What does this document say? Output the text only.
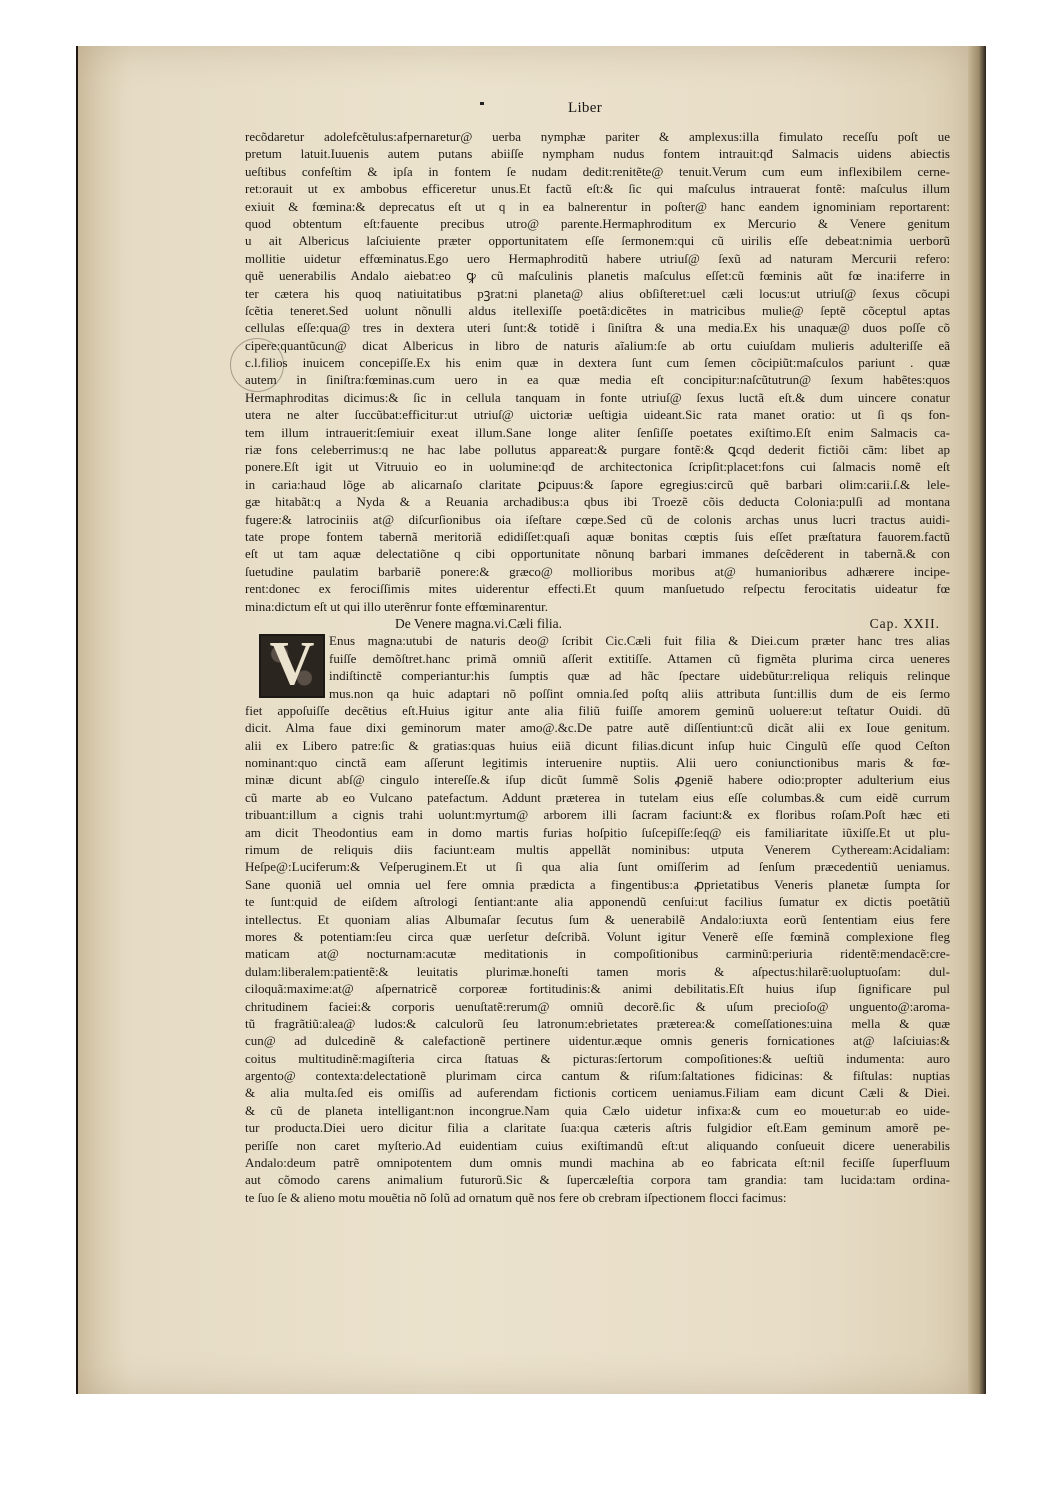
Liber
recõdaretur adolefcẽtulus:afpernaretur@ uerba nymphæ pariter & amplexus:illa fimulato receſſu poſt ue
pretum latuit.Iuuenis autem putans abiiſſe nympham nudus fontem intrauit:qđ Salmacis uidens abiectis
ueſtibus confeſtim & ipſa in fontem ſe nudam dedit:renitẽte@ tenuit.Verum cum eum inflexibilem cerne-
ret:orauit ut ex ambobus efficeretur unus.Et factũ eſt:& ſic qui maſculus intrauerat fontẽ: maſculus illum
exiuit & fœmina:& deprecatus eſt ut q in ea balnerentur in poſter@ hanc eandem ignominiam reportarent:
quod obtentum eſt:fauente precibus utro@ parente.Hermaphroditum ex Mercurio & Venere genitum
u ait Albericus laſciuiente præter opportunitatem eſſe ſermonem:qui cũ uirilis eſſe debeat:nimia uerborũ
mollitie uidetur effœminatus.Ego uero Hermaphroditũ habere utriuſ@ ſexũ ad naturam Mercurii refero:
quẽ uenerabilis Andalo aiebat:eo ꝙ cũ maſculinis planetis maſculus eſſet:cũ fœminis aũt fœ ina:iferre in
ter cætera his quoq natiuitatibus pꝫrat:ni planeta@ alius obſiſteret:uel cæli locus:ut utriuſ@ ſexus cõcupi
ſcẽtia teneret.Sed uolunt nõnulli aldus itellexiſſe poetã:dicẽtes in matricibus mulie@ ſeptẽ cõceptul aptas
cellulas eſſe:qua@ tres in dextera uteri ſunt:& totidẽ i ſiniſtra & una media.Ex his unaquæ@ duos poſſe cõ
cipere:quantũcun@ dicat Albericus in libro de naturis aĩalium:ſe ab ortu cuiuſdam mulieris adulteriſſe eã
c.l.filios inuicem concepiſſe.Ex his enim quæ in dextera ſunt cum ſemen cõcipiũt:maſculos pariunt . quæ
autem in ſiniſtra:fœminas.cum uero in ea quæ media eſt concipitur:naſcũtutrun@ ſexum habẽtes:quos
Hermaphroditas dicimus:& ſic in cellula tanquam in fonte utriuſ@ ſexus luctã eſt.& dum uincere conatur
utera ne alter ſuccũbat:efficitur:ut utriuſ@ uictoriæ ueſtigia uideant.Sic rata manet oratio: ut ſi qs fon-
tem illum intrauerit:ſemiuir exeat illum.Sane longe aliter ſenſiſſe poetates exiſtimo.Eſt enim Salmacis ca-
riæ fons celeberrimus:q ne hac labe pollutus appareat:& purgare fontẽ:& ꝗcqd dederit fictiõi cãm: libet ap
ponere.Eſt igit ut Vitruuio eo in uolumine:qđ de architectonica ſcripſit:placet:fons cui ſalmacis nomẽ eſt
in caria:haud lõge ab alicarnaſo claritate ꝑcipuus:& ſapore egregius:circũ quẽ barbari olim:carii.ſ.& lele-
gæ hitabãt:q a Nyda & a Reuania archadibus:a qbus ibi Troezẽ cõis deducta Colonia:pulſi ad montana
fugere:& latrociniis at@ diſcurſionibus oia iſeſtare cœpe.Sed cũ de colonis archas unus lucri tractus auidi-
tate prope fontem tabernã meritoriã edidiſſet:quaſi aquæ bonitas cœptis ſuis eſſet præſtatura fauorem.factũ
eſt ut tam aquæ delectatiõne q cibi opportunitate nõnunq barbari immanes deſcẽderent in tabernã.& con
ſuetudine paulatim barbariẽ ponere:& græco@ mollioribus moribus at@ humanioribus adhærere incipe-
rent:donec ex ferociſſimis mites uiderentur effecti.Et quum manſuetudo reſpectu ferocitatis uideatur fœ
mina:dictum eſt ut qui illo uterẽnrur fonte effœminarentur.
De Venere magna.vi.Cæli filia.	Cap. XXII.
V	Enus magna:utubi de naturis deo@ ſcribit Cic.Cæli fuit filia & Diei.cum præter hanc tres alias
fuiſſe demõſtret.hanc primã omniũ aſſerit extitiſſe. Attamen cũ figmẽta plurima circa ueneres
indiſtinctẽ comperiantur:his ſumptis quæ ad hãc ſpectare uidebũtur:reliqua reliquis relinque
mus.non qa huic adaptari nõ poſſint omnia.ſed poſtq aliis attributa ſunt:illis dum de eis ſermo
fiet appoſuiſſe decẽtius eſt.Huius igitur ante alia filiũ fuiſſe amorem geminũ uoluere:ut teſtatur Ouidi. dũ
dicit. Alma faue dixi geminorum mater amo@.&c.De patre autẽ diſſentiunt:cũ dicãt alii ex Ioue genitum.
alii ex Libero patre:ſic & gratias:quas huius eiiã dicunt filias.dicunt inſup huic Cingulũ eſſe quod Ceſton
nominant:quo cinctã eam aſſerunt legitimis interuenire nuptiis. Alii uero coniunctionibus maris & fœ-
minæ dicunt abſ@ cingulo intereſſe.& iſup dicũt ſummẽ Solis ꝓgeniẽ habere odio:propter adulterium eius
cũ marte ab eo Vulcano patefactum. Addunt præterea in tutelam eius eſſe columbas.& cum eidẽ currum
tribuant:illum a cignis trahi uolunt:myrtum@ arborem illi ſacram faciunt:& ex floribus roſam.Poſt hæc eti
am dicit Theodontius eam in domo martis furias hoſpitio ſuſcepiſſe:ſeq@ eis familiaritate iũxiſſe.Et ut plu-
rimum de reliquis diis faciunt:eam multis appellãt nominibus: utputa Venerem Cytheream:Acidaliam:
Heſpe@:Luciferum:& Veſperuginem.Et ut ſi qua alia ſunt omiſſerim ad ſenſum præcedentiũ ueniamus.
Sane quoniã uel omnia uel fere omnia prædicta a fingentibus:a ꝓprietatibus Veneris planetæ ſumpta ſor
te ſunt:quid de eiſdem aſtrologi ſentiant:ante alia apponendũ cenſui:ut facilius ſumatur ex dictis poetãtiũ
intellectus. Et quoniam alias Albumaſar ſecutus ſum & uenerabilẽ Andalo:iuxta eorũ ſententiam eius fere
mores & potentiam:ſeu circa quæ uerſetur deſcribã. Volunt igitur Venerẽ eſſe fœminã complexione fleg
maticam at@ nocturnam:acutæ meditationis in compoſitionibus carminũ:periuria ridentẽ:mendacẽ:cre-
dulam:liberalem:patientẽ:& leuitatis plurimæ.honeſti tamen moris & aſpectus:hilarẽ:uoluptuoſam: dul-
ciloquã:maxime:at@ aſpernatricẽ corporeæ fortitudinis:& animi debilitatis.Eſt huius iſup ſignificare pul
chritudinem faciei:& corporis uenuſtatẽ:rerum@ omniũ decorẽ.ſic & uſum precioſo@ unguento@:aroma-
tũ fragrãtiũ:alea@ ludos:& calculorũ ſeu latronum:ebrietates præterea:& comeſſationes:uina mella & quæ
cun@ ad dulcedinẽ & calefactionẽ pertinere uidentur.æque omnis generis fornicationes at@ laſciuias:&
coitus multitudinẽ:magiſteria circa ſtatuas & picturas:ſertorum compoſitiones:& ueſtiũ indumenta: auro
argento@ contexta:delectationẽ plurimam circa cantum & riſum:ſaltationes fidicinas: & fiſtulas: nuptias
& alia multa.ſed eis omiſſis ad auferendam fictionis corticem ueniamus.Filiam eam dicunt Cæli & Diei.
& cũ de planeta intelligant:non incongrue.Nam quia Cælo uidetur infixa:& cum eo mouetur:ab eo uide-
tur producta.Diei uero dicitur filia a claritate ſua:qua cæteris aſtris fulgidior eſt.Eam geminum amorẽ pe-
periſſe non caret myſterio.Ad euidentiam cuius exiſtimandũ eſt:ut aliquando conſueuit dicere uenerabilis
Andalo:deum patrẽ omnipotentem dum omnis mundi machina ab eo fabricata eſt:nil feciſſe ſuperfluum
aut cõmodo carens animalium futurorũ.Sic & ſupercæleſtia corpora tam grandia: tam lucida:tam ordina-
te ſuo ſe & alieno motu mouẽtia nõ ſolũ ad ornatum quẽ nos fere ob crebram iſpectionem flocci facimus:
